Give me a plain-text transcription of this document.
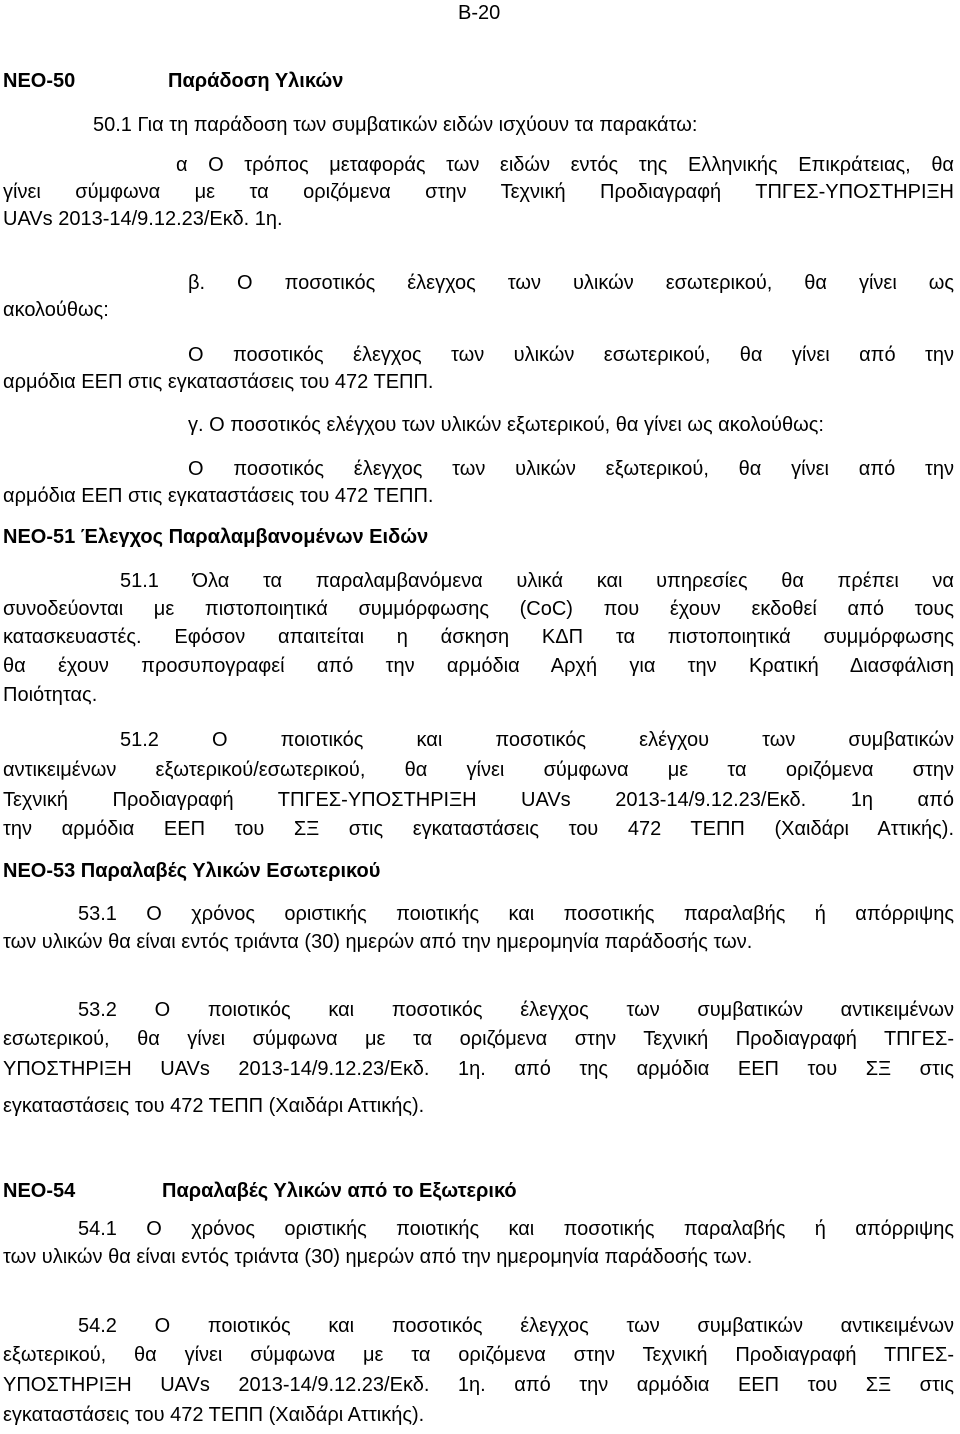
Β-20
ΝΕΟ-50	Παράδοση Υλικών
50.1 Για τη παράδοση των συμβατικών ειδών ισχύουν τα παρακάτω:
α Ο τρόπος μεταφοράς των ειδών εντός της Ελληνικής Επικράτειας, θα
γίνει σύμφωνα με τα οριζόμενα στην Τεχνική Προδιαγραφή ΤΠΓΕΣ-ΥΠΟΣΤΗΡΙΞΗ
UAVs 2013-14/9.12.23/Εκδ. 1η.
β. Ο ποσοτικός έλεγχος των υλικών εσωτερικού, θα γίνει ως
ακολούθως:
Ο ποσοτικός έλεγχος των υλικών εσωτερικού, θα γίνει από την
αρμόδια ΕΕΠ στις εγκαταστάσεις του 472 ΤΕΠΠ.
γ. Ο ποσοτικός ελέγχου των υλικών εξωτερικού, θα γίνει ως ακολούθως:
Ο ποσοτικός έλεγχος των υλικών εξωτερικού, θα γίνει από την
αρμόδια ΕΕΠ στις εγκαταστάσεις του 472 ΤΕΠΠ.
ΝΕΟ-51 Έλεγχος Παραλαμβανομένων Ειδών
51.1 Όλα τα παραλαμβανόμενα υλικά και υπηρεσίες θα πρέπει να
συνοδεύονται με πιστοποιητικά συμμόρφωσης (CoC) που έχουν εκδοθεί από τους
κατασκευαστές. Εφόσον απαιτείται η άσκηση ΚΔΠ τα πιστοποιητικά συμμόρφωσης
θα έχουν προσυπογραφεί από την αρμόδια Αρχή για την Κρατική Διασφάλιση
Ποιότητας.
51.2 Ο ποιοτικός και ποσοτικός ελέγχου των συμβατικών
αντικειμένων εξωτερικού/εσωτερικού, θα γίνει σύμφωνα με τα οριζόμενα στην
Τεχνική Προδιαγραφή ΤΠΓΕΣ-ΥΠΟΣΤΗΡΙΞΗ UAVs 2013-14/9.12.23/Εκδ. 1η από
την αρμόδια ΕΕΠ του ΣΞ στις εγκαταστάσεις του 472 ΤΕΠΠ (Χαιδάρι Αττικής).
ΝΕΟ-53 Παραλαβές Υλικών Εσωτερικού
53.1 Ο χρόνος οριστικής ποιοτικής και ποσοτικής παραλαβής ή απόρριψης
των υλικών θα είναι εντός τριάντα (30) ημερών από την ημερομηνία παράδοσής των.
53.2 Ο ποιοτικός και ποσοτικός έλεγχος των συμβατικών αντικειμένων
εσωτερικού, θα γίνει σύμφωνα με τα οριζόμενα στην Τεχνική Προδιαγραφή ΤΠΓΕΣ-
ΥΠΟΣΤΗΡΙΞΗ UAVs 2013-14/9.12.23/Εκδ. 1η. από της αρμόδια ΕΕΠ του ΣΞ στις
εγκαταστάσεις του 472 ΤΕΠΠ (Χαιδάρι Αττικής).
ΝΕΟ-54	Παραλαβές Υλικών από το Εξωτερικό
54.1 Ο χρόνος οριστικής ποιοτικής και ποσοτικής παραλαβής ή απόρριψης
των υλικών θα είναι εντός τριάντα (30) ημερών από την ημερομηνία παράδοσής των.
54.2 Ο ποιοτικός και ποσοτικός έλεγχος των συμβατικών αντικειμένων
εξωτερικού, θα γίνει σύμφωνα με τα οριζόμενα στην Τεχνική Προδιαγραφή ΤΠΓΕΣ-
ΥΠΟΣΤΗΡΙΞΗ UAVs 2013-14/9.12.23/Εκδ. 1η. από την αρμόδια ΕΕΠ του ΣΞ στις
εγκαταστάσεις του 472 ΤΕΠΠ (Χαιδάρι Αττικής).
